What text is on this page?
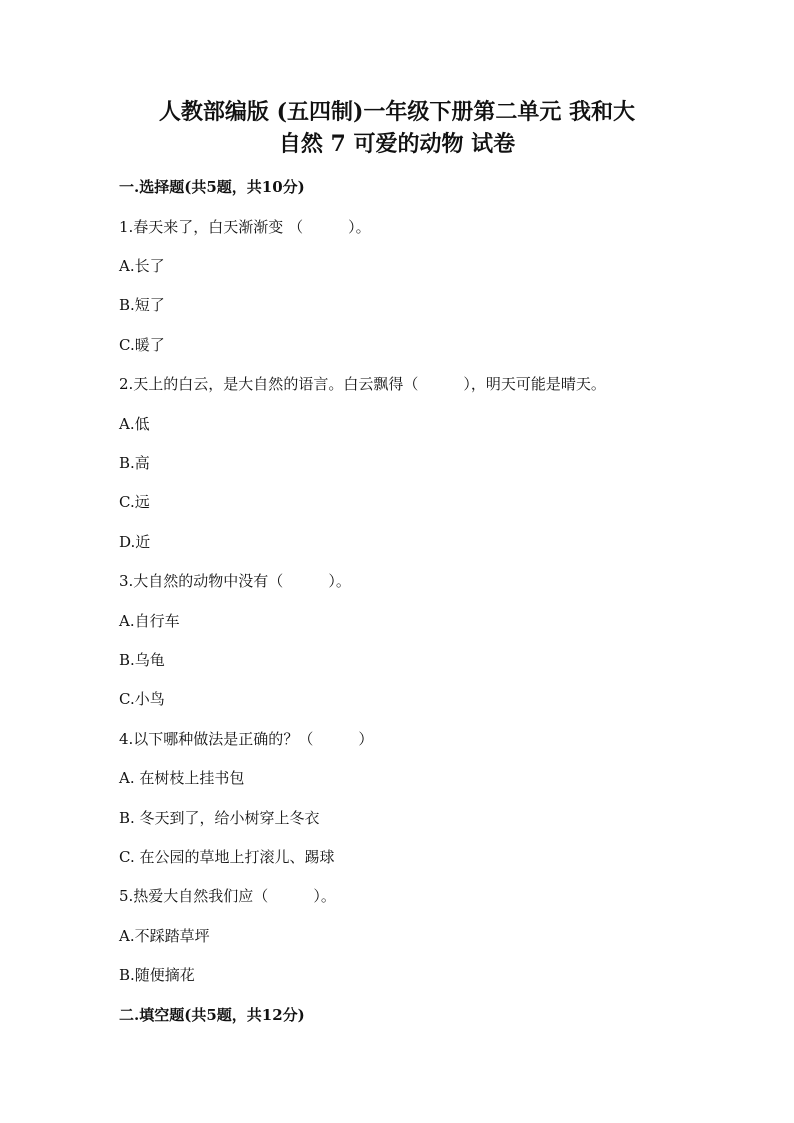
人教部编版 (五四制)一年级下册第二单元 我和大
自然 7 可爱的动物 试卷
一.选择题(共5题，共10分)
1.春天来了，白天渐渐变 （　　　）。
A.长了
B.短了
C.暖了
2.天上的白云，是大自然的语言。白云飘得（　　　），明天可能是晴天。
A.低
B.高
C.远
D.近
3.大自然的动物中没有（　　　）。
A.自行车
B.乌龟
C.小鸟
4.以下哪种做法是正确的？（　　　）
A. 在树枝上挂书包
B. 冬天到了，给小树穿上冬衣
C. 在公园的草地上打滚儿、踢球
5.热爱大自然我们应（　　　）。
A.不踩踏草坪
B.随便摘花
二.填空题(共5题，共12分)
